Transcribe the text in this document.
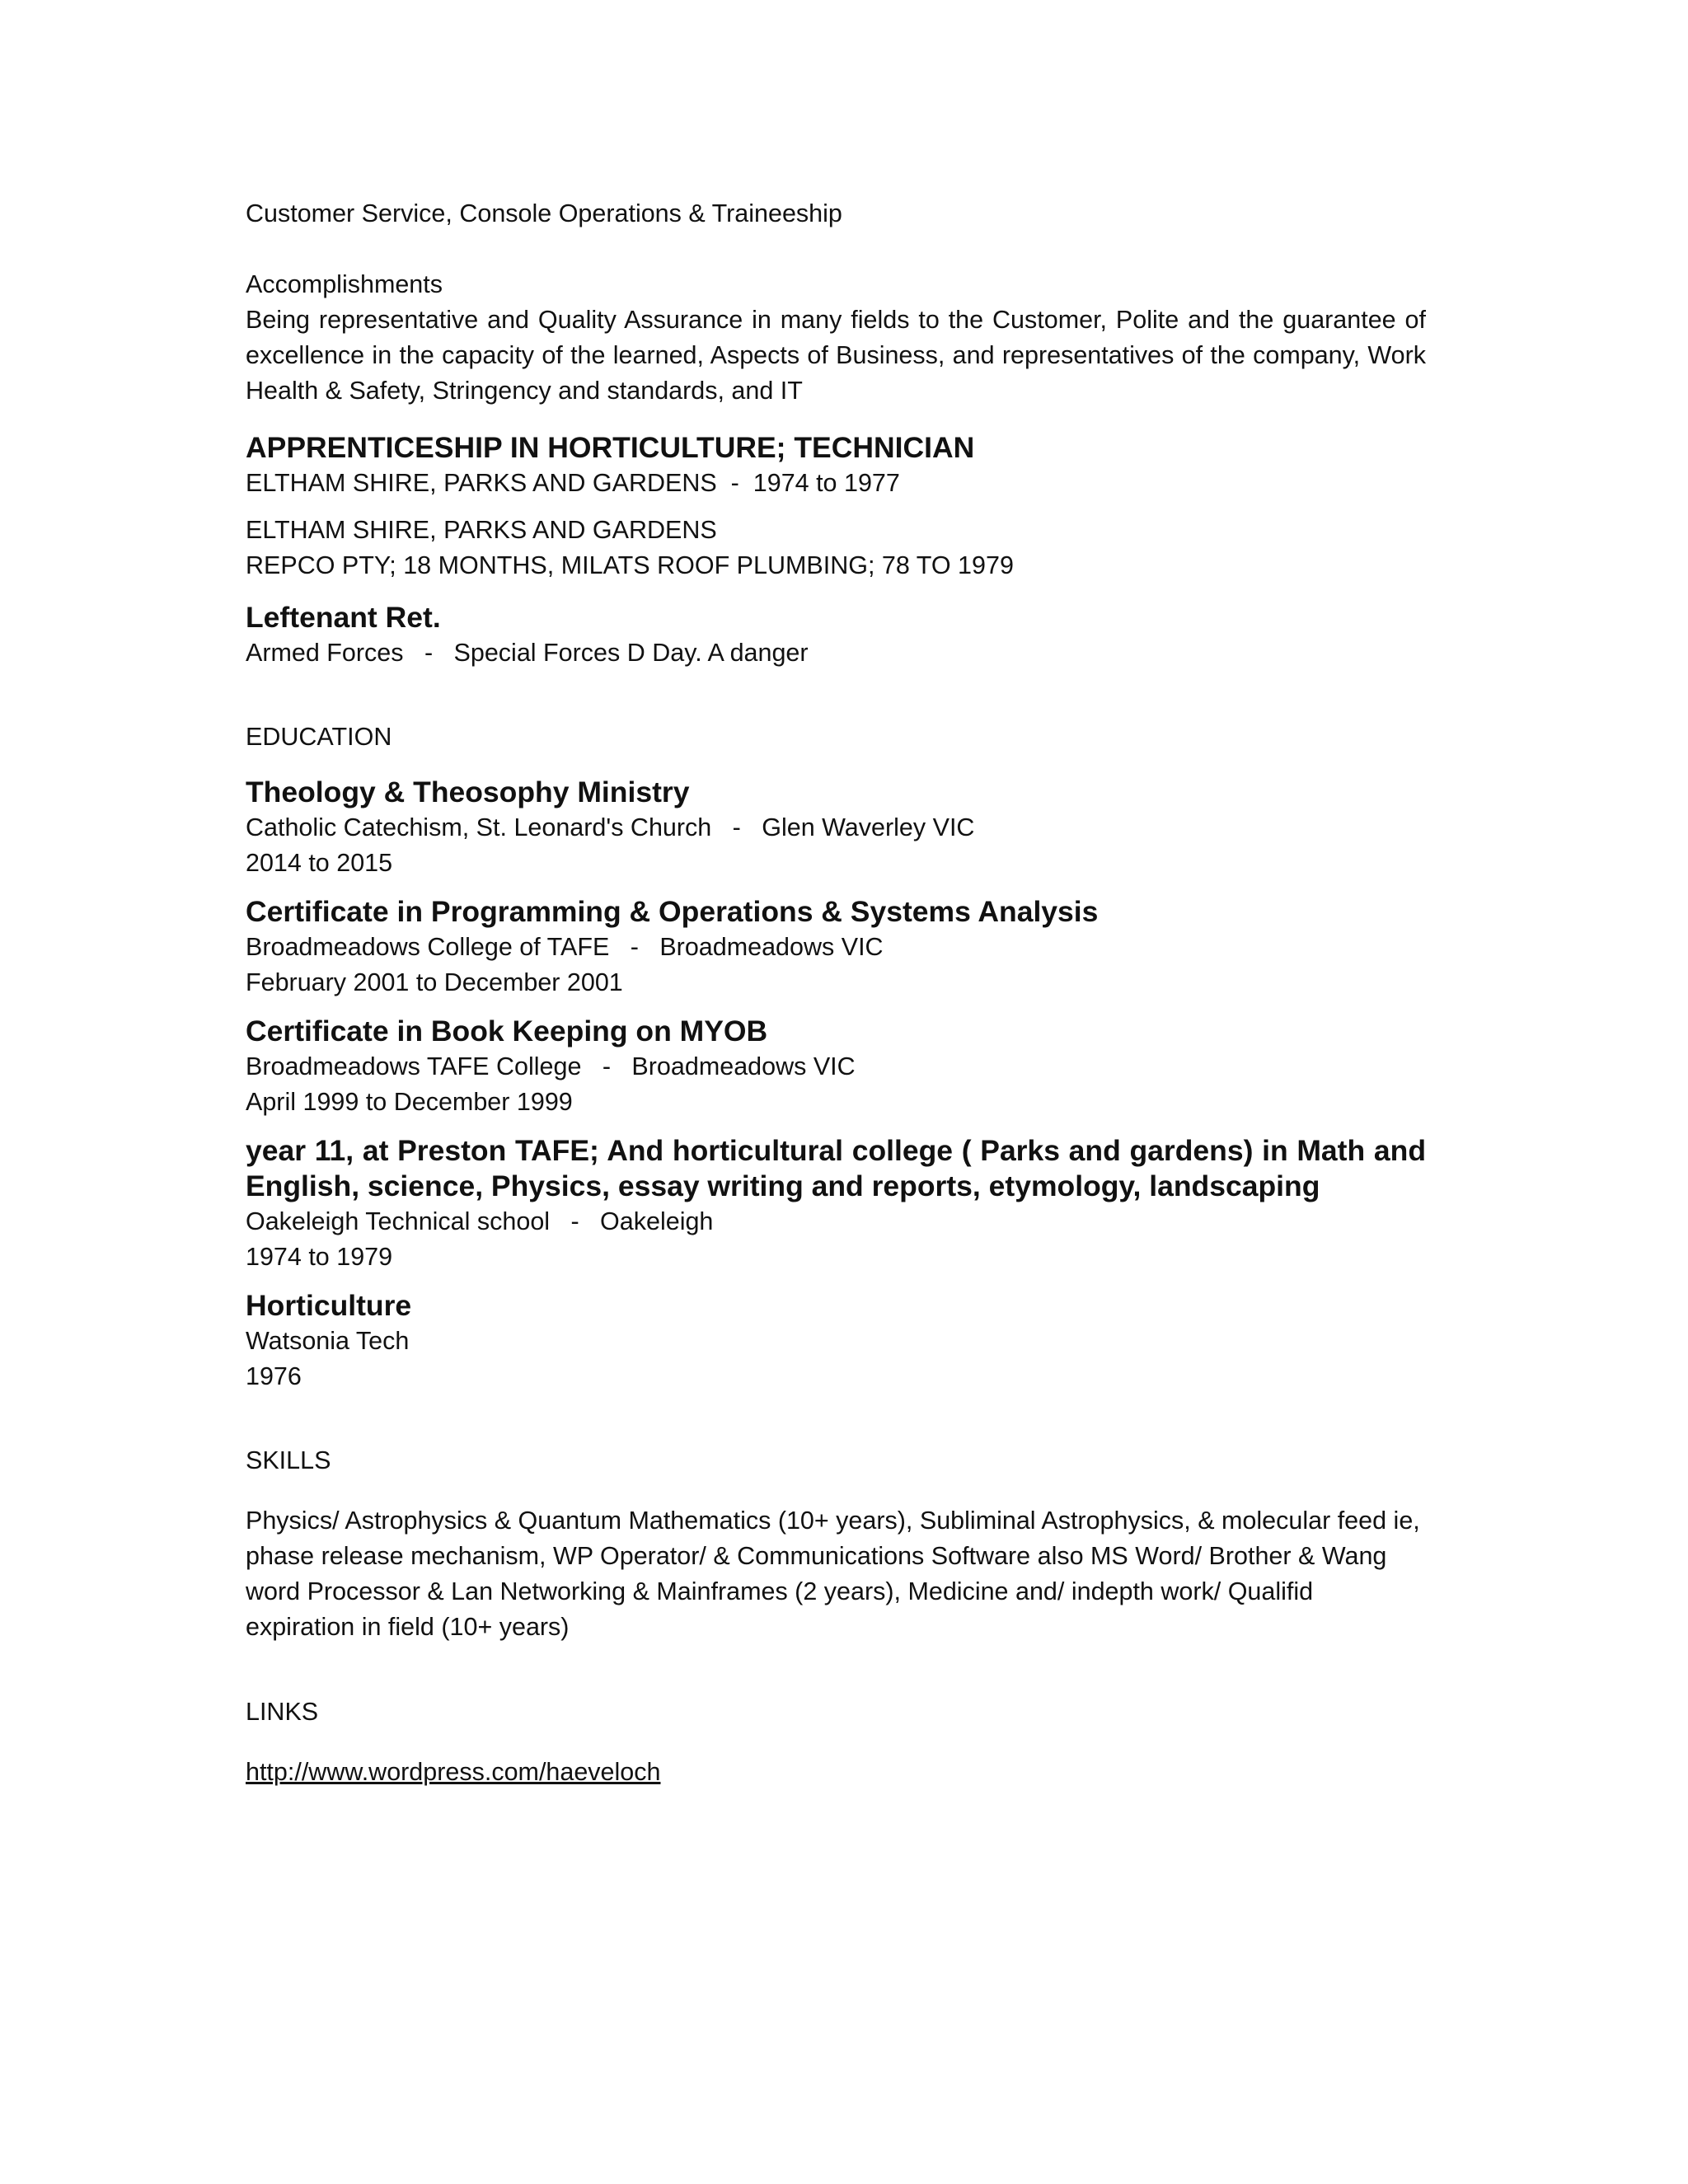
Customer Service, Console Operations & Traineeship

Accomplishments

Being representative and Quality Assurance in many fields to the Customer, Polite and the guarantee of excellence in the capacity of the learned, Aspects of Business, and representatives of the company, Work Health & Safety, Stringency and standards, and IT

APPRENTICESHIP IN HORTICULTURE; TECHNICIAN

ELTHAM SHIRE, PARKS AND GARDENS  -  1974 to 1977

ELTHAM SHIRE, PARKS AND GARDENS

REPCO PTY; 18 MONTHS, MILATS ROOF PLUMBING; 78 TO 1979

Leftenant Ret.

Armed Forces   -   Special Forces D Day. A danger

EDUCATION

Theology & Theosophy Ministry

Catholic Catechism, St. Leonard's Church   -   Glen Waverley VIC

2014 to 2015

Certificate in Programming & Operations & Systems Analysis

Broadmeadows College of TAFE   -   Broadmeadows VIC

February 2001 to December 2001

Certificate in Book Keeping on MYOB

Broadmeadows TAFE College   -   Broadmeadows VIC

April 1999 to December 1999

year 11, at Preston TAFE; And horticultural college ( Parks and gardens) in Math and English, science, Physics, essay writing and reports, etymology, landscaping

Oakeleigh Technical school   -   Oakeleigh

1974 to 1979

Horticulture

Watsonia Tech

1976

SKILLS

Physics/ Astrophysics & Quantum Mathematics (10+ years), Subliminal Astrophysics, & molecular feed ie, phase release mechanism, WP Operator/ & Communications Software also MS Word/ Brother & Wang word Processor & Lan Networking & Mainframes (2 years), Medicine and/ indepth work/ Qualifid expiration in field (10+ years)

LINKS

http://www.wordpress.com/haeveloch
